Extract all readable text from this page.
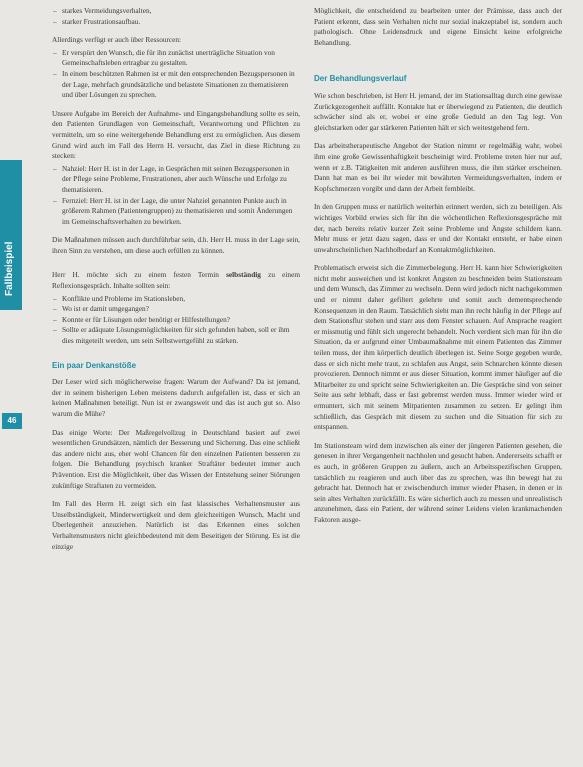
Fallbeispiel
46
– starkes Vermeidungsverhalten,
– starker Frustrationsaufbau.

Allerdings verfügt er auch über Ressourcen:

– Er verspürt den Wunsch, die für ihn zunächst unerträgliche Situation von Gemeinschaftsleben ertragbar zu gestalten.
– In einem beschützten Rahmen ist er mit den entsprechenden Bezugspersonen in der Lage, mehrfach grundsätzliche und belastete Situationen zu thematisieren und über Lösungen zu sprechen.

Unsere Aufgabe im Bereich der Aufnahme- und Eingangsbehandlung sollte es sein, den Patienten Grundlagen von Gemeinschaft, Verantwortung und Pflichten zu vermitteln, um so eine weitergehende Behandlung erst zu ermöglichen. Aus diesem Grund wird auch im Fall des Herrn H. versucht, das Ziel in diese Richtung zu stecken:

– Nahziel: Herr H. ist in der Lage, in Gesprächen mit seinen Bezugspersonen in der Pflege seine Probleme, Frustrationen, aber auch Wünsche und Erfolge zu thematisieren.
– Fernziel: Herr H. ist in der Lage, die unter Nahziel genannten Punkte auch in größerem Rahmen (Patientengruppen) zu thematisieren und somit Änderungen im Gemeinschaftsverhalten zu bewirken.

Die Maßnahmen müssen auch durchführbar sein, d.h. Herr H. muss in der Lage sein, ihren Sinn zu verstehen, um diese auch erfüllen zu können.

Herr H. möchte sich zu einem festen Termin selbständig zu einem Reflexionsgespräch. Inhalte sollten sein:

– Konflikte und Probleme im Stationsleben,
– Wo ist er damit umgegangen?
– Konnte er für Lösungen oder benötigt er Hilfestellungen?
– Sollte er adäquate Lösungsmöglichkeiten für sich gefunden haben, soll er ihm dies mitgeteilt werden, um sein Selbstwertgefühl zu stärken.
Ein paar Denkanstöße

Der Leser wird sich möglicherweise fragen: Warum der Aufwand? Da ist jemand, der in seinem bisherigen Leben meistens dadurch aufgefallen ist, dass er sich an keinen Maßnahmen beteiligt. Nun ist er zwangsweit und das ist auch gut so. Also warum die Mühe?

Das einige Worte: Der Maßregelvollzug in Deutschland basiert auf zwei wesentlichen Grundsätzen, nämlich der Besserung und Sicherung. Das eine schließt das andere nicht aus, eher wohl Chancen für den einzelnen Patienten besseren zu folgen. Die Behandlung psychisch kranker Straftäter bedeutet immer auch Prävention. Erst die Möglichkeit, über das Wissen der Entstehung seiner Störungen zukünftige Straftaten zu vermeiden.

Im Fall des Herrn H. zeigt sich ein fast klassisches Verhaltensmuster aus Unselbständigkeit, Minderwertigkeit und dem gleichzeitigen Wunsch, Macht und Überlegenheit anzuziehen. Natürlich ist das Erkennen eines solchen Verhaltensmusters nicht gleichbedeutend mit dem Beseitigen der Störung. Es ist die einzige

Möglichkeit, die entscheidend zu bearbeiten unter der Prämisse, dass auch der Patient erkennt, dass sein Verhalten nicht nur sozial inakzeptabel ist, sondern auch pathologisch. Ohne Leidensdruck und eigene Einsicht keine erfolgreiche Behandlung.

Der Behandlungsverlauf

Wie schon beschrieben, ist Herr H. jemand, der im Stationsalltag durch eine gewisse Zurückgezogenheit auffällt. Kontakte hat er überwiegend zu Patienten, die deutlich schwächer sind als er, wobei er eine große Geduld an den Tag legt. Von gleichstarken oder gar stärkeren Patienten hält er sich weitestgehend fern.

Das arbeitstherapeutische Angebot der Station nimmt er regelmäßig wahr, wobei ihm eine große Gewissenhaftigkeit bescheinigt wird. Probleme treten hier nur auf, wenn er z.B. Tätigkeiten mit anderen ausführen muss, die ihm stärker erscheinen. Dann hat man es bei ihr wieder mit bewährten Vermeidungsverhalten, indem er Kopfschmerzen vorgibt und dann der Arbeit fernbleibt.

In den Gruppen muss er natürlich weiterhin erinnert werden, sich zu beteiligen. Als wichtiges Vorbild erwies sich für ihn die wöchentlichen Reflexionsgespräche mit der, nach bereits relativ kurzer Zeit seine Probleme und Ängste schildern kann. Mehr muss er jetzt dazu sagen, dass er und der Kontakt entsteht, er habe einen unwahrscheinlichen Nachholbedarf an Kontaktmöglichkeiten.

Problematisch erweist sich die Zimmerbelegung. Herr H. kann hier Schwierigkeiten nicht mehr ausweichen und ist konkret Ängsten zu beschneiden beim Stationsteam und dem Wunsch, das Zimmer zu wechseln. Denn wird jedoch nicht nachgekommen und er nimmt daher gefiltert gelehrte und somit auch dementsprechende Konsequenzen in den Raum. Tatsächlich sieht man ihn recht häufig in der Pflege auf dem Stationsflur stehen und starr aus dem Fenster schauen. Auf Ansprache reagiert er missmutig und fühlt sich ungerecht behandelt. Noch verdient sich man für ihn die Situation, da er aufgrund einer Umbaumaßnahme mit einem Patienten das Zimmer teilen muss, der ihm körperlich deutlich überlegen ist. Seine Sorge gegeben wurde, dass er sich nicht mehr traut, zu schlafen aus Angst, sein Schnarchen könnte diesen provozieren. Dennoch nimmt er aus dieser Situation, kommt immer häufiger auf die Mitarbeiter zu und spricht seine Schwierigkeiten an. Die Gespräche sind von seiner Seite aus sehr lebhaft, dass er fast gebremst werden muss. Immer wieder wird er ermuntert, sich mit seinem Mitpatienten zusammen zu setzen. Er gelingt ihm schließlich, das Gespräch mit diesem zu suchen und die Situation für sich zu entspannen.

Im Stationsteam wird dem inzwischen als einer der jüngeren Patienten gesehen, die genesen in ihrer Vergangenheit nachholen und gesucht haben. Andererseits schafft er es auch, in größeren Gruppen zu äußern, auch an Arbeitsspezifischen Gruppen, tatsächlich zu reagieren und auch über das zu sprechen, was ihn bewegt hat zu gebracht hat. Dennoch hat er zwischendurch immer wieder Phasen, in denen er in sein altes Verhalten zurückfällt. Es wäre sicherlich auch zu messen und unrealistisch anzunehmen, dass ein Patient, der während seiner Leidens vielen krankmachenden Faktoren ausge-
